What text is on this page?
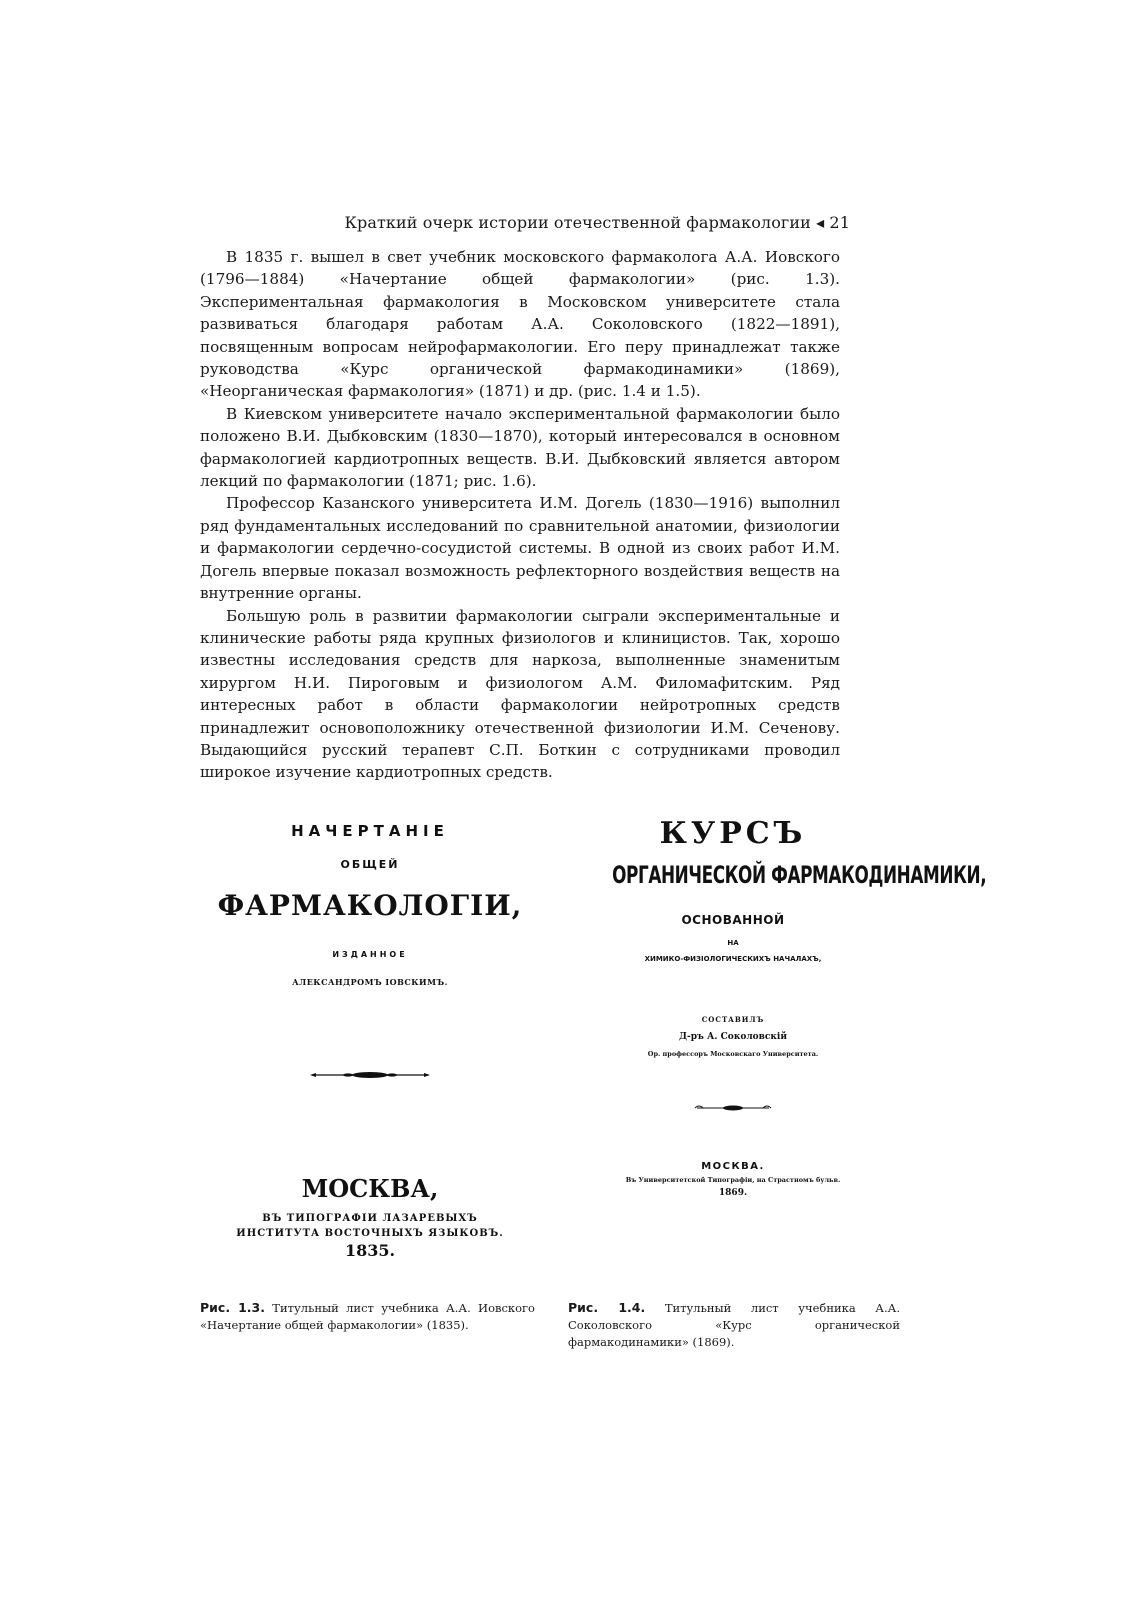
Краткий очерк истории отечественной фармакологии ◂ 21

В 1835 г. вышел в свет учебник московского фармаколога А.А. Иовского (1796—1884) «Начертание общей фармакологии» (рис. 1.3). Экспериментальная фармакология в Московском университете стала развиваться благодаря работам А.А. Соколовского (1822—1891), посвященным вопросам нейрофармакологии. Его перу принадлежат также руководства «Курс органической фармакодинамики» (1869), «Неорганическая фармакология» (1871) и др. (рис. 1.4 и 1.5).

В Киевском университете начало экспериментальной фармакологии было положено В.И. Дыбковским (1830—1870), который интересовался в основном фармакологией кардиотропных веществ. В.И. Дыбковский является автором лекций по фармакологии (1871; рис. 1.6).

Профессор Казанского университета И.М. Догель (1830—1916) выполнил ряд фундаментальных исследований по сравнительной анатомии, физиологии и фармакологии сердечно-сосудистой системы. В одной из своих работ И.М. Догель впервые показал возможность рефлекторного воздействия веществ на внутренние органы.

Большую роль в развитии фармакологии сыграли экспериментальные и клинические работы ряда крупных физиологов и клиницистов. Так, хорошо известны исследования средств для наркоза, выполненные знаменитым хирургом Н.И. Пироговым и физиологом А.М. Филомафитским. Ряд интересных работ в области фармакологии нейротропных средств принадлежит основоположнику отечественной физиологии И.М. Сеченову. Выдающийся русский терапевт С.П. Боткин с сотрудниками проводил широкое изучение кардиотропных средств.

НАЧЕРТАНІЕ
ОБЩЕЙ
ФАРМАКОЛОГІИ,
ИЗДАННОЕ
АЛЕКСАНДРОМЪ ІОВСКИМЪ.
МОСКВА,
ВЪ ТИПОГРАФІИ ЛАЗАРЕВЫХЪ
ИНСТИТУТА ВОСТОЧНЫХЪ ЯЗЫКОВЪ.
1835.
КУРСЪ
ОРГАНИЧЕСКОЙ ФАРМАКОДИНАМИКИ,
ОСНОВАННОЙ
НА
ХИМИКО-ФИЗІОЛОГИЧЕСКИХЪ НАЧАЛАХЪ,
СОСТАВИЛЪ
Д-ръ А. Соколовскій
Ор. профессоръ Московскаго Университета.
МОСКВА.
Въ Университетской Типографіи, на Страстномъ бульв.
1869.
Рис. 1.3. Титульный лист учебника А.А. Иовского «Начертание общей фармакологии» (1835).
Рис. 1.4. Титульный лист учебника А.А. Соколовского «Курс органической фармакодинамики» (1869).
